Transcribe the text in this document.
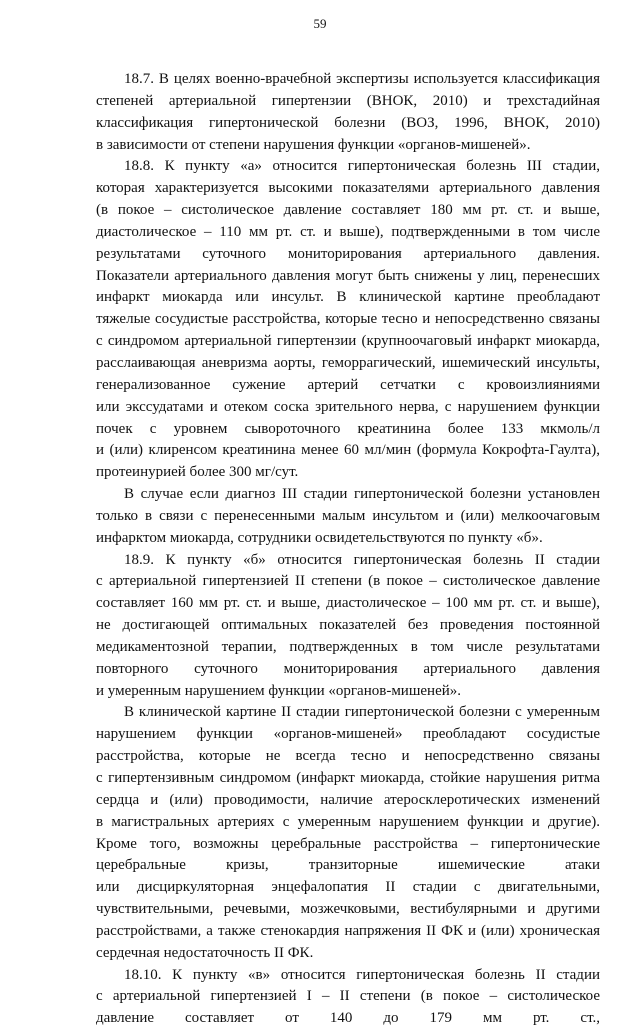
59
18.7. В целях военно-врачебной экспертизы используется классификация
степеней артериальной гипертензии (ВНОК, 2010) и трехстадийная
классификация гипертонической болезни (ВОЗ, 1996, ВНОК, 2010)
в зависимости от степени нарушения функции «органов-мишеней».
18.8. К пункту «а» относится гипертоническая болезнь III стадии,
которая характеризуется высокими показателями артериального давления
(в покое – систолическое давление составляет 180 мм рт. ст. и выше,
диастолическое – 110 мм рт. ст. и выше), подтвержденными в том числе
результатами суточного мониторирования артериального давления.
Показатели артериального давления могут быть снижены у лиц, перенесших
инфаркт миокарда или инсульт. В клинической картине преобладают
тяжелые сосудистые расстройства, которые тесно и непосредственно связаны
с синдромом артериальной гипертензии (крупноочаговый инфаркт миокарда,
расслаивающая аневризма аорты, геморрагический, ишемический инсульты,
генерализованное сужение артерий сетчатки с кровоизлияниями
или экссудатами и отеком соска зрительного нерва, с нарушением функции
почек с уровнем сывороточного креатинина более 133 мкмоль/л
и (или) клиренсом креатинина менее 60 мл/мин (формула Кокрофта-Гаулта),
протеинурией более 300 мг/сут.
В случае если диагноз III стадии гипертонической болезни установлен
только в связи с перенесенными малым инсультом и (или) мелкоочаговым
инфарктом миокарда, сотрудники освидетельствуются по пункту «б».
18.9. К пункту «б» относится гипертоническая болезнь II стадии
с артериальной гипертензией II степени (в покое – систолическое давление
составляет 160 мм рт. ст. и выше, диастолическое – 100 мм рт. ст. и выше),
не достигающей оптимальных показателей без проведения постоянной
медикаментозной терапии, подтвержденных в том числе результатами
повторного суточного мониторирования артериального давления
и умеренным нарушением функции «органов-мишеней».
В клинической картине II стадии гипертонической болезни с умеренным
нарушением функции «органов-мишеней» преобладают сосудистые
расстройства, которые не всегда тесно и непосредственно связаны
с гипертензивным синдромом (инфаркт миокарда, стойкие нарушения ритма
сердца и (или) проводимости, наличие атеросклеротических изменений
в магистральных артериях с умеренным нарушением функции и другие).
Кроме того, возможны церебральные расстройства – гипертонические
церебральные кризы, транзиторные ишемические атаки
или дисциркуляторная энцефалопатия II стадии с двигательными,
чувствительными, речевыми, мозжечковыми, вестибулярными и другими
расстройствами, а также стенокардия напряжения II ФК и (или) хроническая
сердечная недостаточность II ФК.
18.10. К пункту «в» относится гипертоническая болезнь II стадии
с артериальной гипертензией I – II степени (в покое – систолическое
давление составляет от 140 до 179 мм рт. ст.,
